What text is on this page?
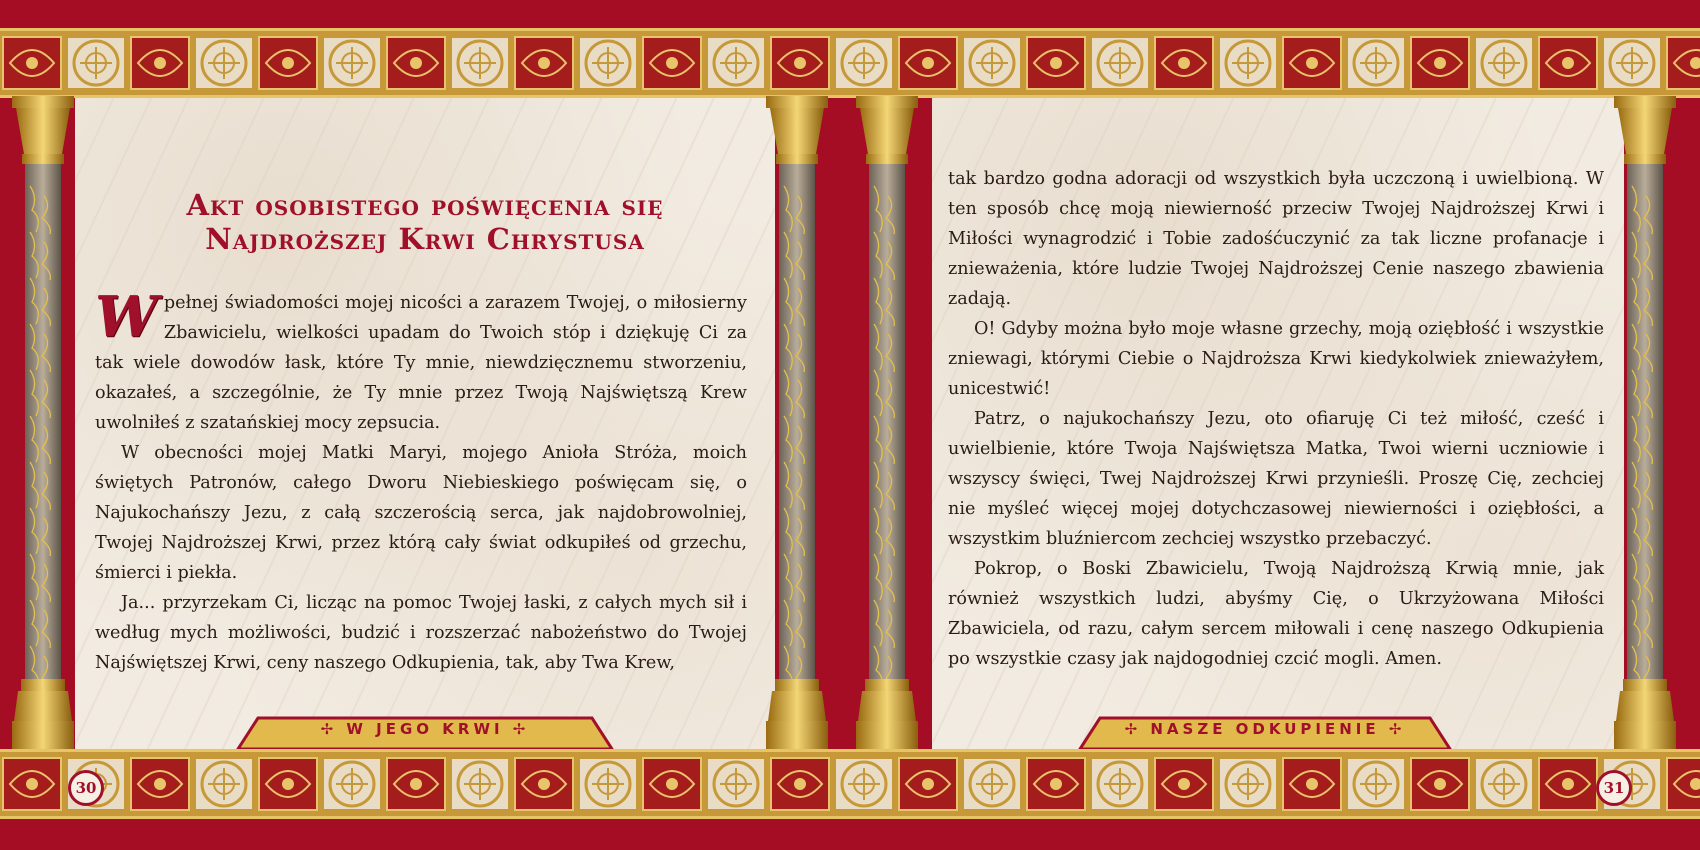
Akt osobistego poświęcenia się
Najdroższej Krwi Chrystusa

Wpełnej świadomości mojej nicości a zarazem Twojej, o miłosierny Zbawicielu, wielkości upadam do Twoich stóp i dziękuję Ci za tak wiele dowodów łask, które Ty mnie, niewdzięcznemu stworzeniu, okazałeś, a szczególnie, że Ty mnie przez Twoją Najświętszą Krew uwolniłeś z szatańskiej mocy zepsucia.

W obecności mojej Matki Maryi, mojego Anioła Stróża, moich świętych Patronów, całego Dworu Niebieskiego poświęcam się, o Najukochańszy Jezu, z całą szczerością serca, jak najdobrowolniej, Twojej Najdroższej Krwi, przez którą cały świat odkupiłeś od grzechu, śmierci i piekła.

Ja... przyrzekam Ci, licząc na pomoc Twojej łaski, z całych mych sił i według mych możliwości, budzić i rozszerzać nabożeństwo do Twojej Najświętszej Krwi, ceny naszego Odkupienia, tak, aby Twa Krew,

tak bardzo godna adoracji od wszystkich była uczczoną i uwielbioną. W ten sposób chcę moją niewierność przeciw Twojej Najdroższej Krwi i Miłości wynagrodzić i Tobie zadośćuczynić za tak liczne profanacje i znieważenia, które ludzie Twojej Najdroższej Cenie naszego zbawienia zadają.

O! Gdyby można było moje własne grzechy, moją oziębłość i wszystkie zniewagi, którymi Ciebie o Najdroższa Krwi kiedykolwiek znieważyłem, unicestwić!

Patrz, o najukochańszy Jezu, oto ofiaruję Ci też miłość, cześć i uwielbienie, które Twoja Najświętsza Matka, Twoi wierni uczniowie i wszyscy święci, Twej Najdroższej Krwi przynieśli. Proszę Cię, zechciej nie myśleć więcej mojej dotychczasowej niewierności i oziębłości, a wszystkim bluźniercom zechciej wszystko przebaczyć.

Pokrop, o Boski Zbawicielu, Twoją Najdroższą Krwią mnie, jak również wszystkich ludzi, abyśmy Cię, o Ukrzyżowana Miłości Zbawiciela, od razu, całym sercem miłowali i cenę naszego Odkupienia po wszystkie czasy jak najdogodniej czcić mogli. Amen.

✢ W JEGO KRWI ✢	✢ NASZE ODKUPIENIE ✢
30	31
